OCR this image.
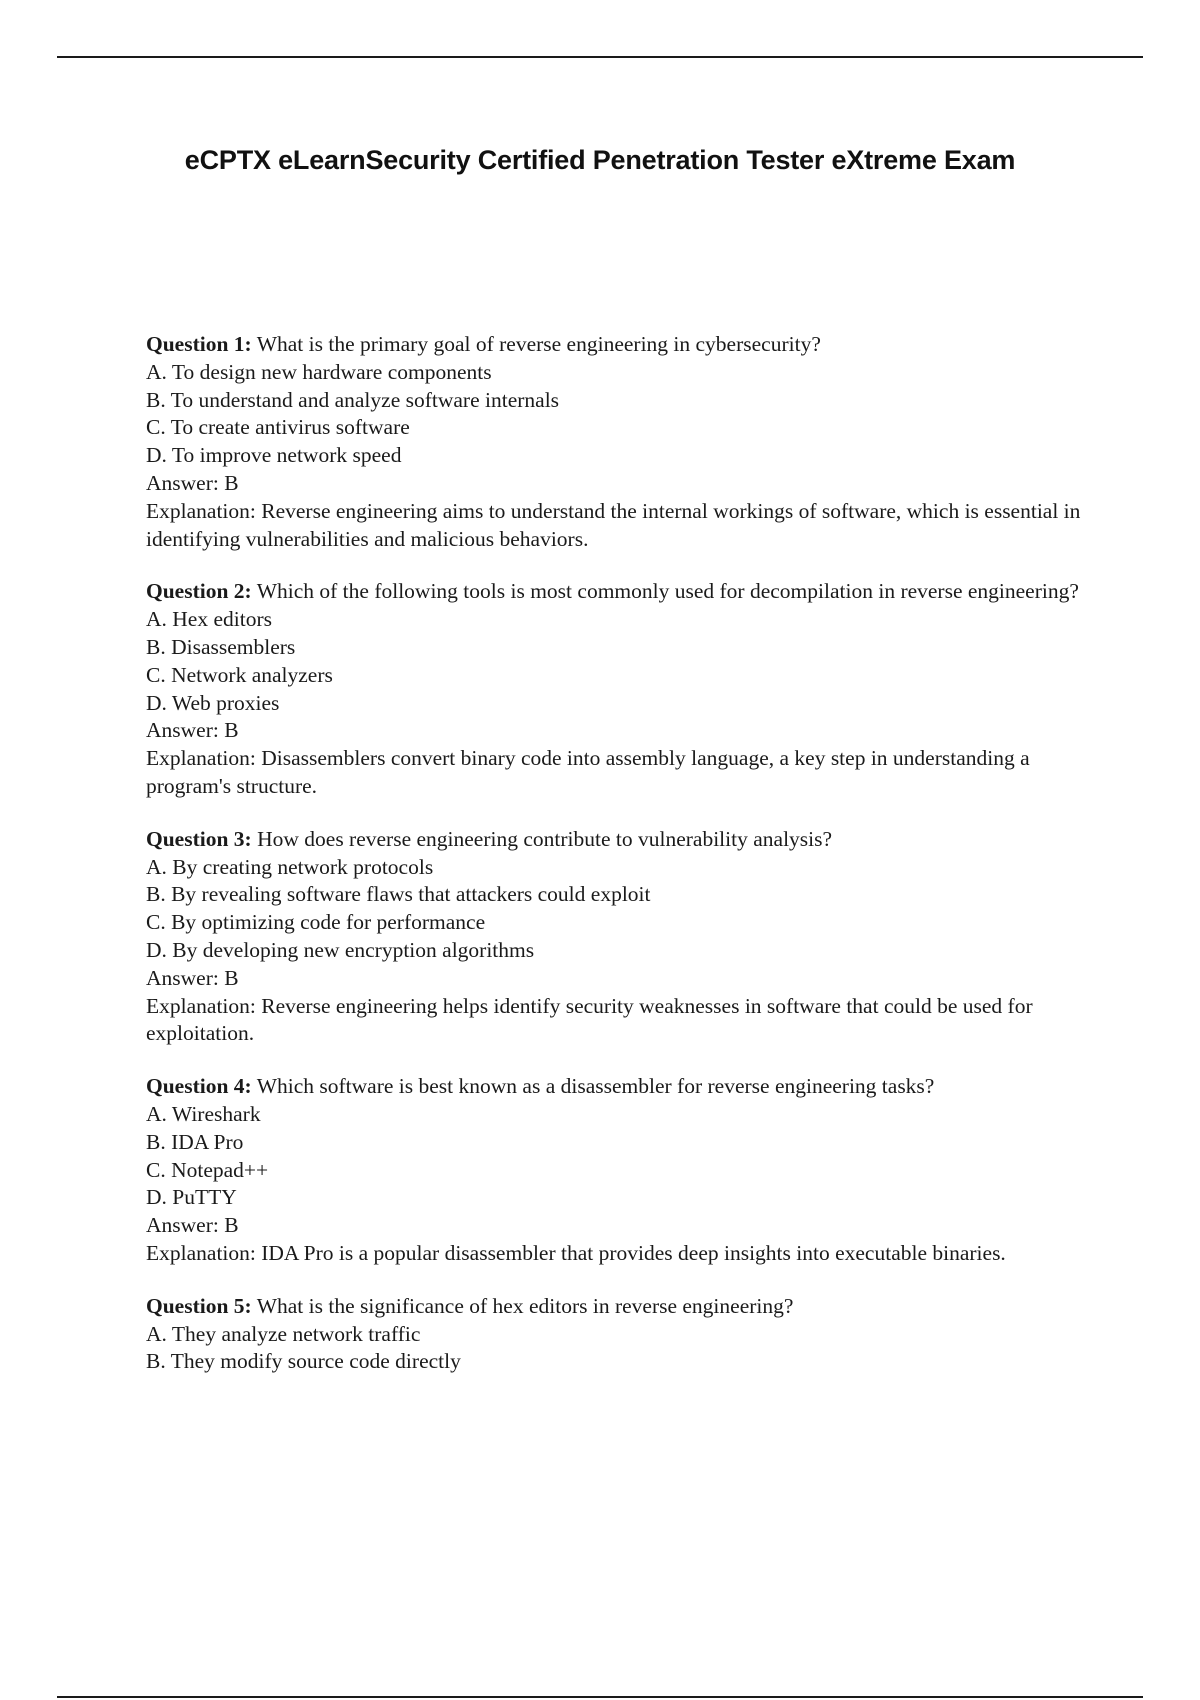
eCPTX eLearnSecurity Certified Penetration Tester eXtreme Exam

Question 1: What is the primary goal of reverse engineering in cybersecurity?

A. To design new hardware components
B. To understand and analyze software internals
C. To create antivirus software
D. To improve network speed
Answer: B
Explanation: Reverse engineering aims to understand the internal workings of software, which is essential in identifying vulnerabilities and malicious behaviors.

Question 2: Which of the following tools is most commonly used for decompilation in reverse engineering?

A. Hex editors
B. Disassemblers
C. Network analyzers
D. Web proxies
Answer: B
Explanation: Disassemblers convert binary code into assembly language, a key step in understanding a program's structure.

Question 3: How does reverse engineering contribute to vulnerability analysis?

A. By creating network protocols
B. By revealing software flaws that attackers could exploit
C. By optimizing code for performance
D. By developing new encryption algorithms
Answer: B
Explanation: Reverse engineering helps identify security weaknesses in software that could be used for exploitation.

Question 4: Which software is best known as a disassembler for reverse engineering tasks?

A. Wireshark
B. IDA Pro
C. Notepad++
D. PuTTY
Answer: B
Explanation: IDA Pro is a popular disassembler that provides deep insights into executable binaries.

Question 5: What is the significance of hex editors in reverse engineering?

A. They analyze network traffic
B. They modify source code directly
